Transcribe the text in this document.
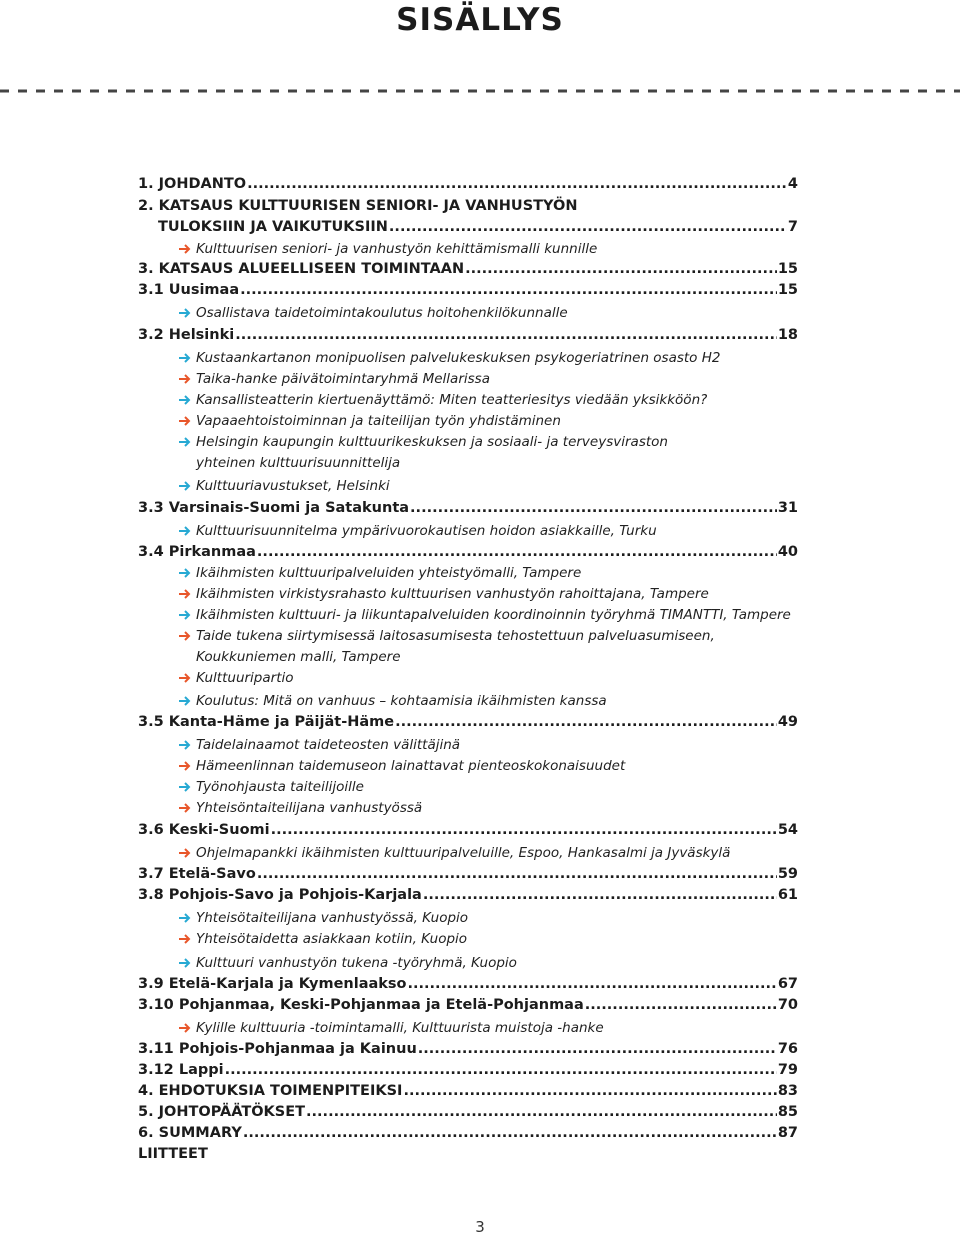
SISÄLLYS
1. JOHDANTO .....	4
2. KATSAUS KULTTUURISEN SENIORI- JA VANHUSTYÖN
TULOKSIIN JA VAIKUTUKSIIN .....	7
Kulttuurisen seniori- ja vanhustyön kehittämismalli kunnille
3. KATSAUS ALUEELLISEEN TOIMINTAAN .....	15
3.1 Uusimaa .....	15
Osallistava taidetoimintakoulutus hoitohenkilökunnalle
3.2 Helsinki .....	18
Kustaankartanon monipuolisen palvelukeskuksen psykogeriatrinen osasto H2
Taika-hanke päivätoimintaryhmä Mellarissa
Kansallisteatterin kiertuenäyttämö: Miten teatteriesitys viedään yksikköön?
Vapaaehtoistoiminnan ja taiteilijan työn yhdistäminen
Helsingin kaupungin kulttuurikeskuksen ja sosiaali- ja terveysviraston
yhteinen kulttuurisuunnittelija
Kulttuuriavustukset, Helsinki
3.3 Varsinais-Suomi ja Satakunta .....	31
Kulttuurisuunnitelma ympärivuorokautisen hoidon asiakkaille, Turku
3.4 Pirkanmaa .....	40
Ikäihmisten kulttuuripalveluiden yhteistyömalli, Tampere
Ikäihmisten virkistysrahasto kulttuurisen vanhustyön rahoittajana, Tampere
Ikäihmisten kulttuuri- ja liikuntapalveluiden koordinoinnin työryhmä TIMANTTI, Tampere
Taide tukena siirtymisessä laitosasumisesta tehostettuun palveluasumiseen,
Koukkuniemen malli, Tampere
Kulttuuripartio
Koulutus: Mitä on vanhuus – kohtaamisia ikäihmisten kanssa
3.5 Kanta-Häme ja Päijät-Häme .....	49
Taidelainaamot taideteosten välittäjinä
Hämeenlinnan taidemuseon lainattavat pienteoskokonaisuudet
Työnohjausta taiteilijoille
Yhteisöntaiteilijana vanhustyössä
3.6 Keski-Suomi .....	54
Ohjelmapankki ikäihmisten kulttuuripalveluille, Espoo, Hankasalmi ja Jyväskylä
3.7 Etelä-Savo .....	59
3.8 Pohjois-Savo ja Pohjois-Karjala .....	61
Yhteisötaiteilijana vanhustyössä, Kuopio
Yhteisötaidetta asiakkaan kotiin, Kuopio
Kulttuuri vanhustyön tukena -työryhmä, Kuopio
3.9 Etelä-Karjala ja Kymenlaakso .....	67
3.10 Pohjanmaa, Keski-Pohjanmaa ja Etelä-Pohjanmaa .....	70
Kylille kulttuuria -toimintamalli, Kulttuurista muistoja -hanke
3.11 Pohjois-Pohjanmaa ja Kainuu .....	76
3.12 Lappi .....	79
4. EHDOTUKSIA TOIMENPITEIKSI .....	83
5. JOHTOPÄÄTÖKSET .....	85
6. SUMMARY .....	87
LIITTEET
3
